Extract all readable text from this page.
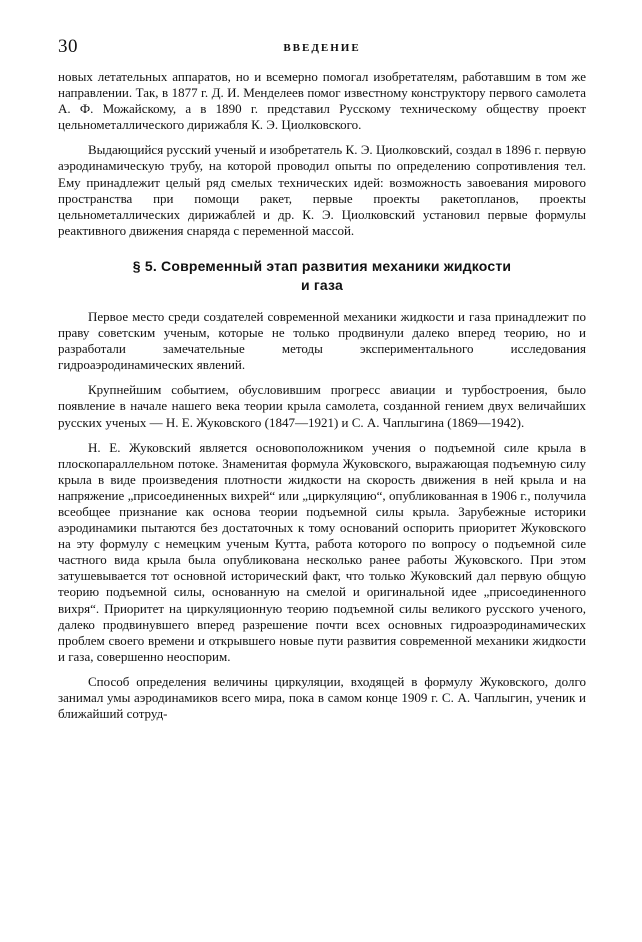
30	ВВЕДЕНИЕ

новых летательных аппаратов, но и всемерно помогал изобретателям, работавшим в том же направлении. Так, в 1877 г. Д. И. Менделеев помог известному конструктору первого самолета А. Ф. Можайскому, а в 1890 г. представил Русскому техническому обществу проект цельнометаллического дирижабля К. Э. Циолковского.

Выдающийся русский ученый и изобретатель К. Э. Циолковский, создал в 1896 г. первую аэродинамическую трубу, на которой проводил опыты по определению сопротивления тел. Ему принадлежит целый ряд смелых технических идей: возможность завоевания мирового пространства при помощи ракет, первые проекты ракетопланов, проекты цельнометаллических дирижаблей и др. К. Э. Циолковский установил первые формулы реактивного движения снаряда с переменной массой.

§ 5. Современный этап развития механики жидкости
и газа

Первое место среди создателей современной механики жидкости и газа принадлежит по праву советским ученым, которые не только продвинули далеко вперед теорию, но и разработали замечательные методы экспериментального исследования гидроаэродинамических явлений.

Крупнейшим событием, обусловившим прогресс авиации и турбостроения, было появление в начале нашего века теории крыла самолета, созданной гением двух величайших русских ученых — Н. Е. Жуковского (1847—1921) и С. А. Чаплыгина (1869—1942).

Н. Е. Жуковский является основоположником учения о подъемной силе крыла в плоскопараллельном потоке. Знаменитая формула Жуковского, выражающая подъемную силу крыла в виде произведения плотности жидкости на скорость движения в ней крыла и на напряжение „присоединенных вихрей“ или „циркуляцию“, опубликованная в 1906 г., получила всеобщее признание как основа теории подъемной силы крыла. Зарубежные историки аэродинамики пытаются без достаточных к тому оснований оспорить приоритет Жуковского на эту формулу с немецким ученым Кутта, работа которого по вопросу о подъемной силе частного вида крыла была опубликована несколько ранее работы Жуковского. При этом затушевывается тот основной исторический факт, что только Жуковский дал первую общую теорию подъемной силы, основанную на смелой и оригинальной идее „присоединенного вихря“. Приоритет на циркуляционную теорию подъемной силы великого русского ученого, далеко продвинувшего вперед разрешение почти всех основных гидроаэродинамических проблем своего времени и открывшего новые пути развития современной механики жидкости и газа, совершенно неоспорим.

Способ определения величины циркуляции, входящей в формулу Жуковского, долго занимал умы аэродинамиков всего мира, пока в самом конце 1909 г. С. А. Чаплыгин, ученик и ближайший сотруд-
